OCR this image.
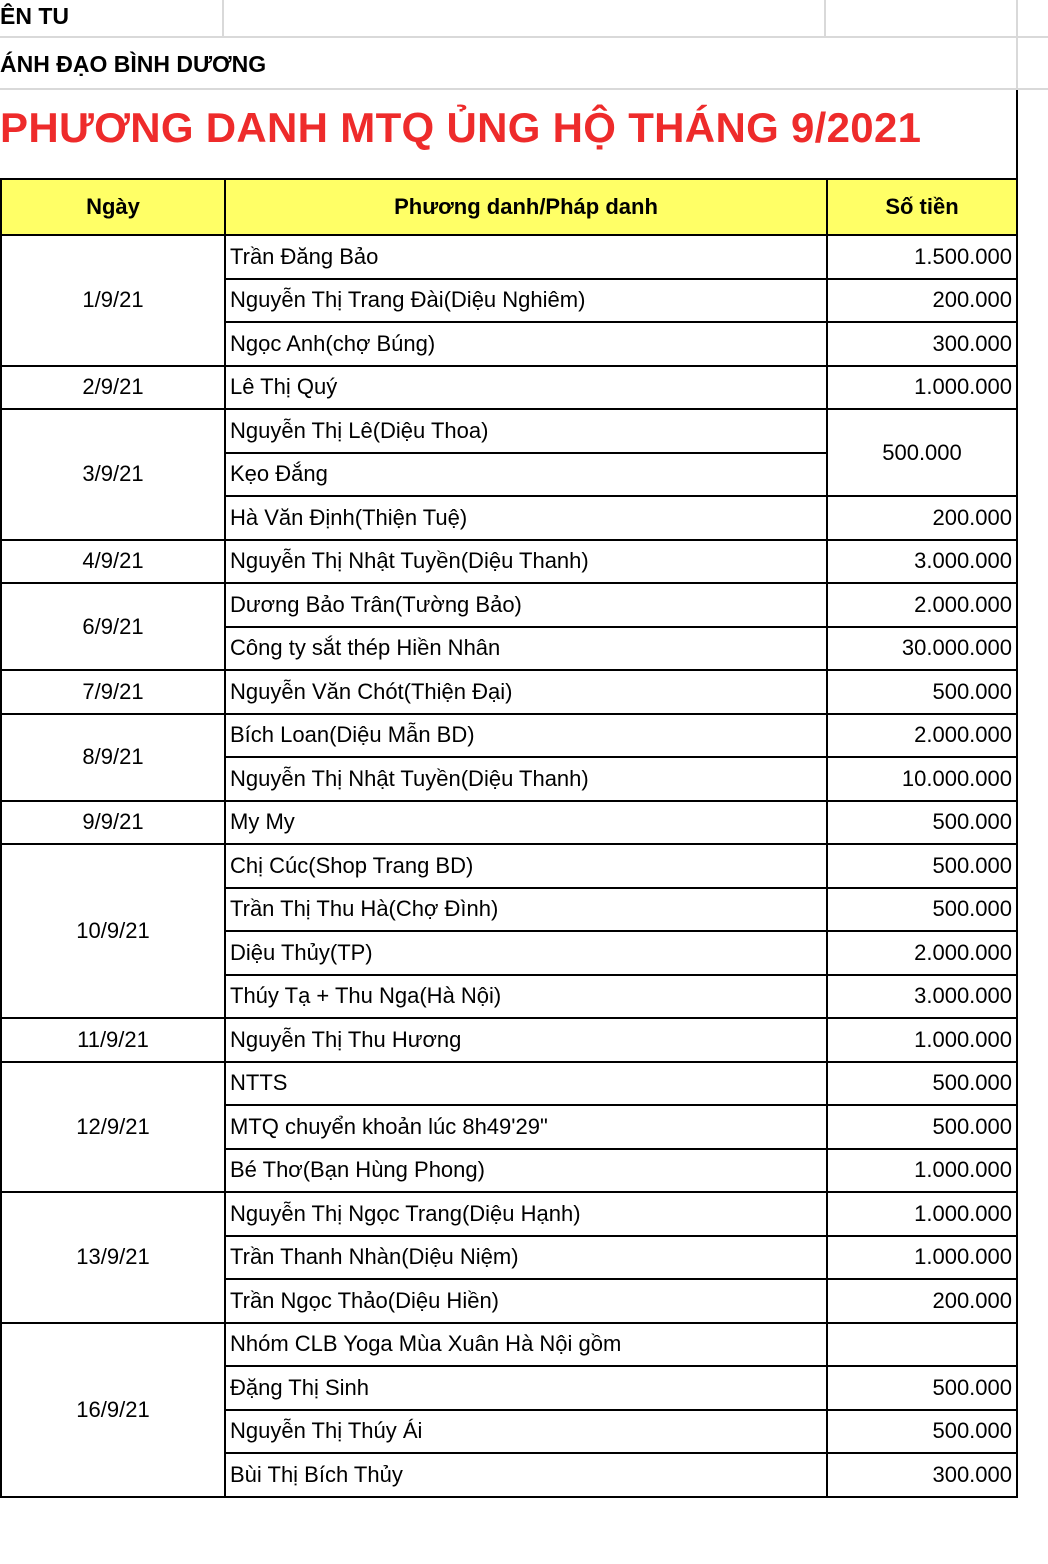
ÊN TU
ÁNH ĐẠO BÌNH DƯƠNG
PHƯƠNG DANH MTQ ỦNG HỘ THÁNG 9/2021
Ngày	Phương danh/Pháp danh	Số tiền
1/9/21	Trần Đăng Bảo	1.500.000
	Nguyễn Thị Trang Đài(Diệu Nghiêm)	200.000
	Ngọc Anh(chợ Búng)	300.000
2/9/21	Lê Thị Quý	1.000.000
3/9/21	Nguyễn Thị Lê(Diệu Thoa)	500.000
	Kẹo Đắng	
	Hà Văn Định(Thiện Tuệ)	200.000
4/9/21	Nguyễn Thị Nhật Tuyền(Diệu Thanh)	3.000.000
6/9/21	Dương Bảo Trân(Tường Bảo)	2.000.000
	Công ty sắt thép Hiền Nhân	30.000.000
7/9/21	Nguyễn Văn Chót(Thiện Đại)	500.000
8/9/21	Bích Loan(Diệu Mẫn BD)	2.000.000
	Nguyễn Thị Nhật Tuyền(Diệu Thanh)	10.000.000
9/9/21	My My	500.000
10/9/21	Chị Cúc(Shop Trang BD)	500.000
	Trần Thị Thu Hà(Chợ Đình)	500.000
	Diệu Thủy(TP)	2.000.000
	Thúy Tạ + Thu Nga(Hà Nội)	3.000.000
11/9/21	Nguyễn Thị Thu Hương	1.000.000
12/9/21	NTTS	500.000
	MTQ chuyển khoản lúc 8h49'29"	500.000
	Bé Thơ(Bạn Hùng Phong)	1.000.000
13/9/21	Nguyễn Thị Ngọc Trang(Diệu Hạnh)	1.000.000
	Trần Thanh Nhàn(Diệu Niệm)	1.000.000
	Trần Ngọc Thảo(Diệu Hiền)	200.000
16/9/21	Nhóm CLB Yoga Mùa Xuân Hà Nội gồm	
	Đặng Thị Sinh	500.000
	Nguyễn Thị Thúy Ái	500.000
	Bùi Thị Bích Thủy	300.000
